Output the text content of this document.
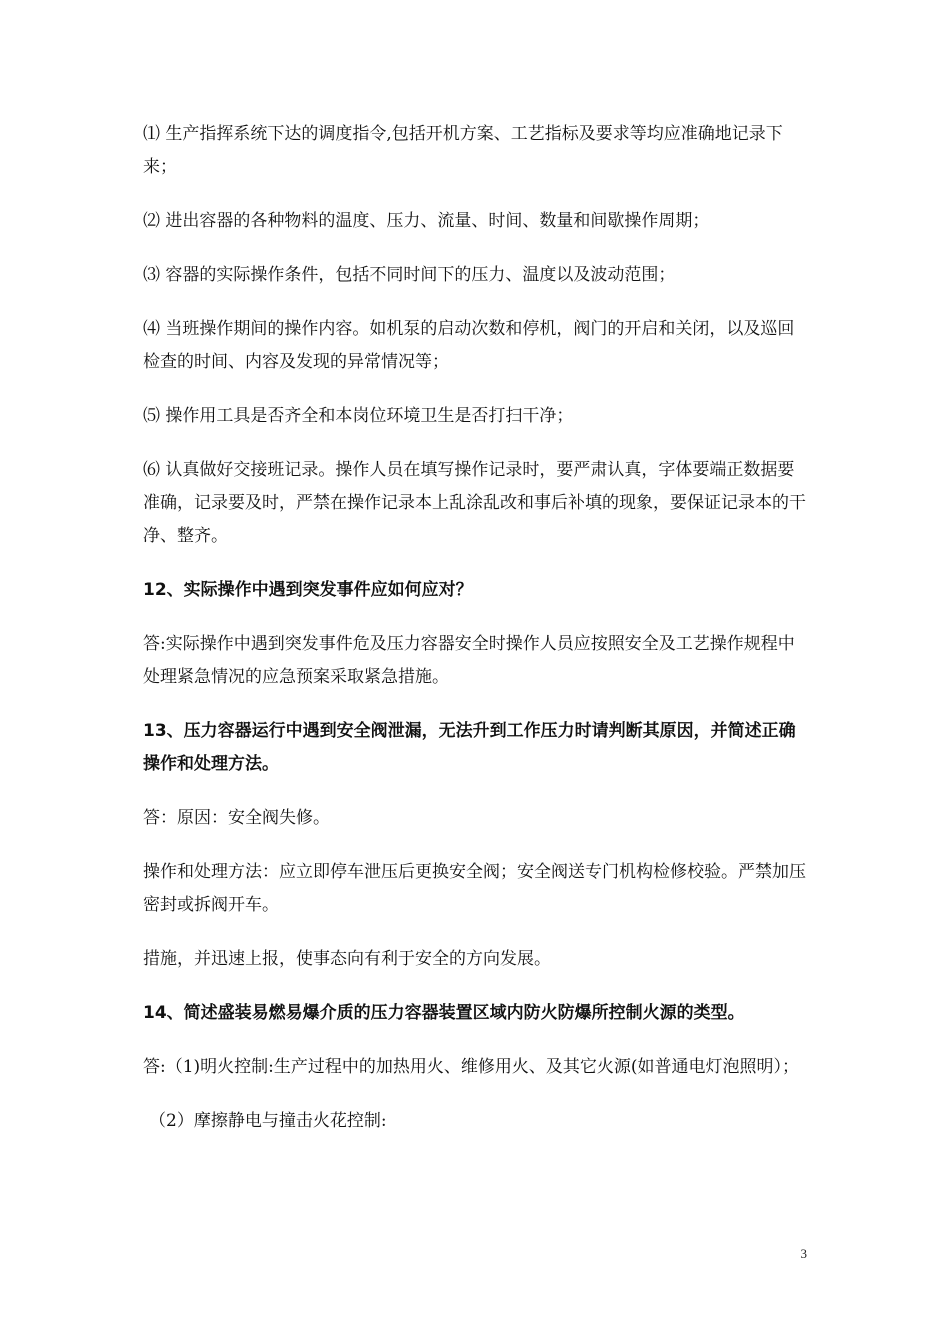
⑴ 生产指挥系统下达的调度指令,包括开机方案、工艺指标及要求等均应准确地记录下来；

⑵ 进出容器的各种物料的温度、压力、流量、时间、数量和间歇操作周期；

⑶ 容器的实际操作条件，包括不同时间下的压力、温度以及波动范围；

⑷ 当班操作期间的操作内容。如机泵的启动次数和停机，阀门的开启和关闭，以及巡回检查的时间、内容及发现的异常情况等；

⑸ 操作用工具是否齐全和本岗位环境卫生是否打扫干净；

⑹ 认真做好交接班记录。操作人员在填写操作记录时，要严肃认真，字体要端正数据要准确，记录要及时，严禁在操作记录本上乱涂乱改和事后补填的现象，要保证记录本的干净、整齐。

12、实际操作中遇到突发事件应如何应对？

答:实际操作中遇到突发事件危及压力容器安全时操作人员应按照安全及工艺操作规程中处理紧急情况的应急预案采取紧急措施。

13、压力容器运行中遇到安全阀泄漏，无法升到工作压力时请判断其原因，并简述正确操作和处理方法。

答：原因：安全阀失修。

操作和处理方法：应立即停车泄压后更换安全阀；安全阀送专门机构检修校验。严禁加压密封或拆阀开车。

措施，并迅速上报，使事态向有利于安全的方向发展。

14、简述盛装易燃易爆介质的压力容器装置区域内防火防爆所控制火源的类型。

答:（1)明火控制:生产过程中的加热用火、维修用火、及其它火源(如普通电灯泡照明）；

（2）摩擦静电与撞击火花控制:

3
